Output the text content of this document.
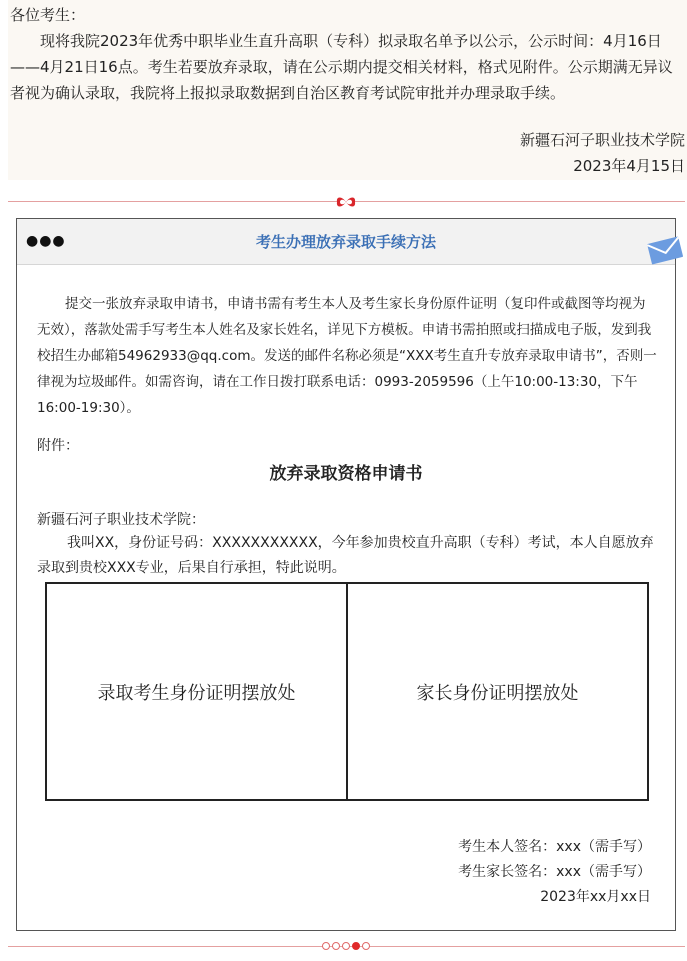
各位考生：

现将我院2023年优秀中职毕业生直升高职（专科）拟录取名单予以公示，公示时间：4月16日——4月21日16点。考生若要放弃录取，请在公示期内提交相关材料，格式见附件。公示期满无异议者视为确认录取，我院将上报拟录取数据到自治区教育考试院审批并办理录取手续。

新疆石河子职业技术学院
2023年4月15日
●●●	考生办理放弃录取手续方法

提交一张放弃录取申请书，申请书需有考生本人及考生家长身份原件证明（复印件或截图等均视为无效），落款处需手写考生本人姓名及家长姓名，详见下方模板。申请书需拍照或扫描成电子版，发到我校招生办邮箱54962933@qq.com。发送的邮件名称必须是“XXX考生直升专放弃录取申请书”，否则一律视为垃圾邮件。如需咨询，请在工作日拨打联系电话：0993-2059596（上午10:00-13:30，下午16:00-19:30）。

附件：
放弃录取资格申请书
新疆石河子职业技术学院：

我叫XX，身份证号码：XXXXXXXXXXX，今年参加贵校直升高职（专科）考试，本人自愿放弃录取到贵校XXX专业，后果自行承担，特此说明。

录取考生身份证明摆放处	家长身份证明摆放处
考生本人签名：xxx（需手写）
考生家长签名：xxx（需手写）
2023年xx月xx日
